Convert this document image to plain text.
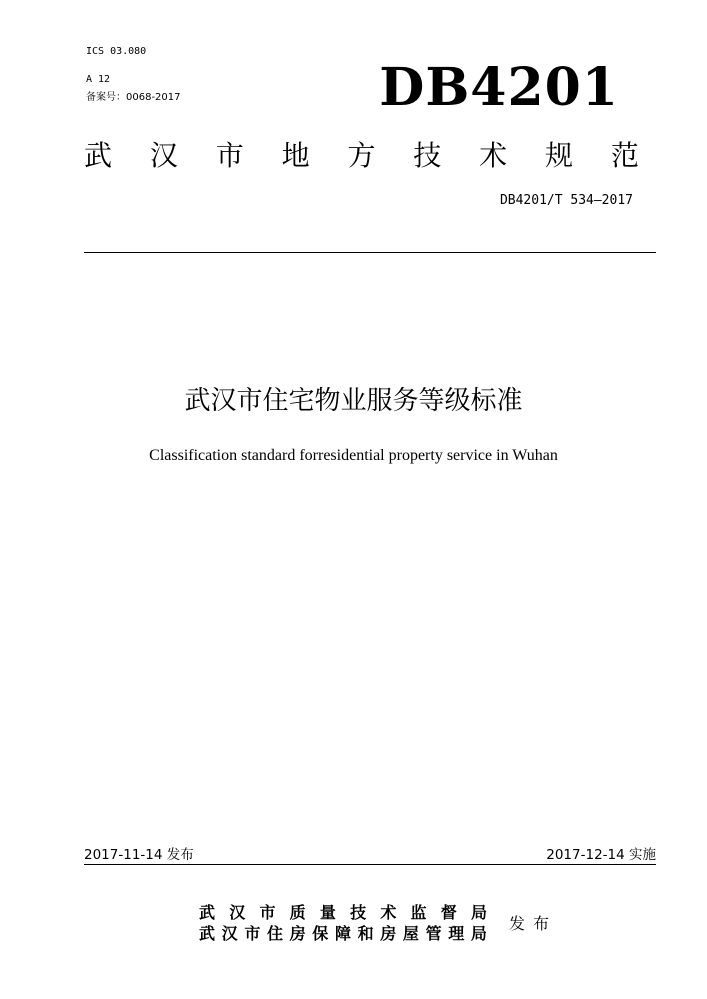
ICS 03.080
A 12
备案号：0068-2017	DB4201
武 汉 市 地 方 技 术 规 范
DB4201/T 534—2017
武汉市住宅物业服务等级标准
Classification standard forresidential property service in Wuhan
2017-11-14 发布	2017-12-14 实施
武 汉 市 质 量 技 术 监 督 局
武 汉 市 住 房 保 障 和 房 屋 管 理 局
发布
